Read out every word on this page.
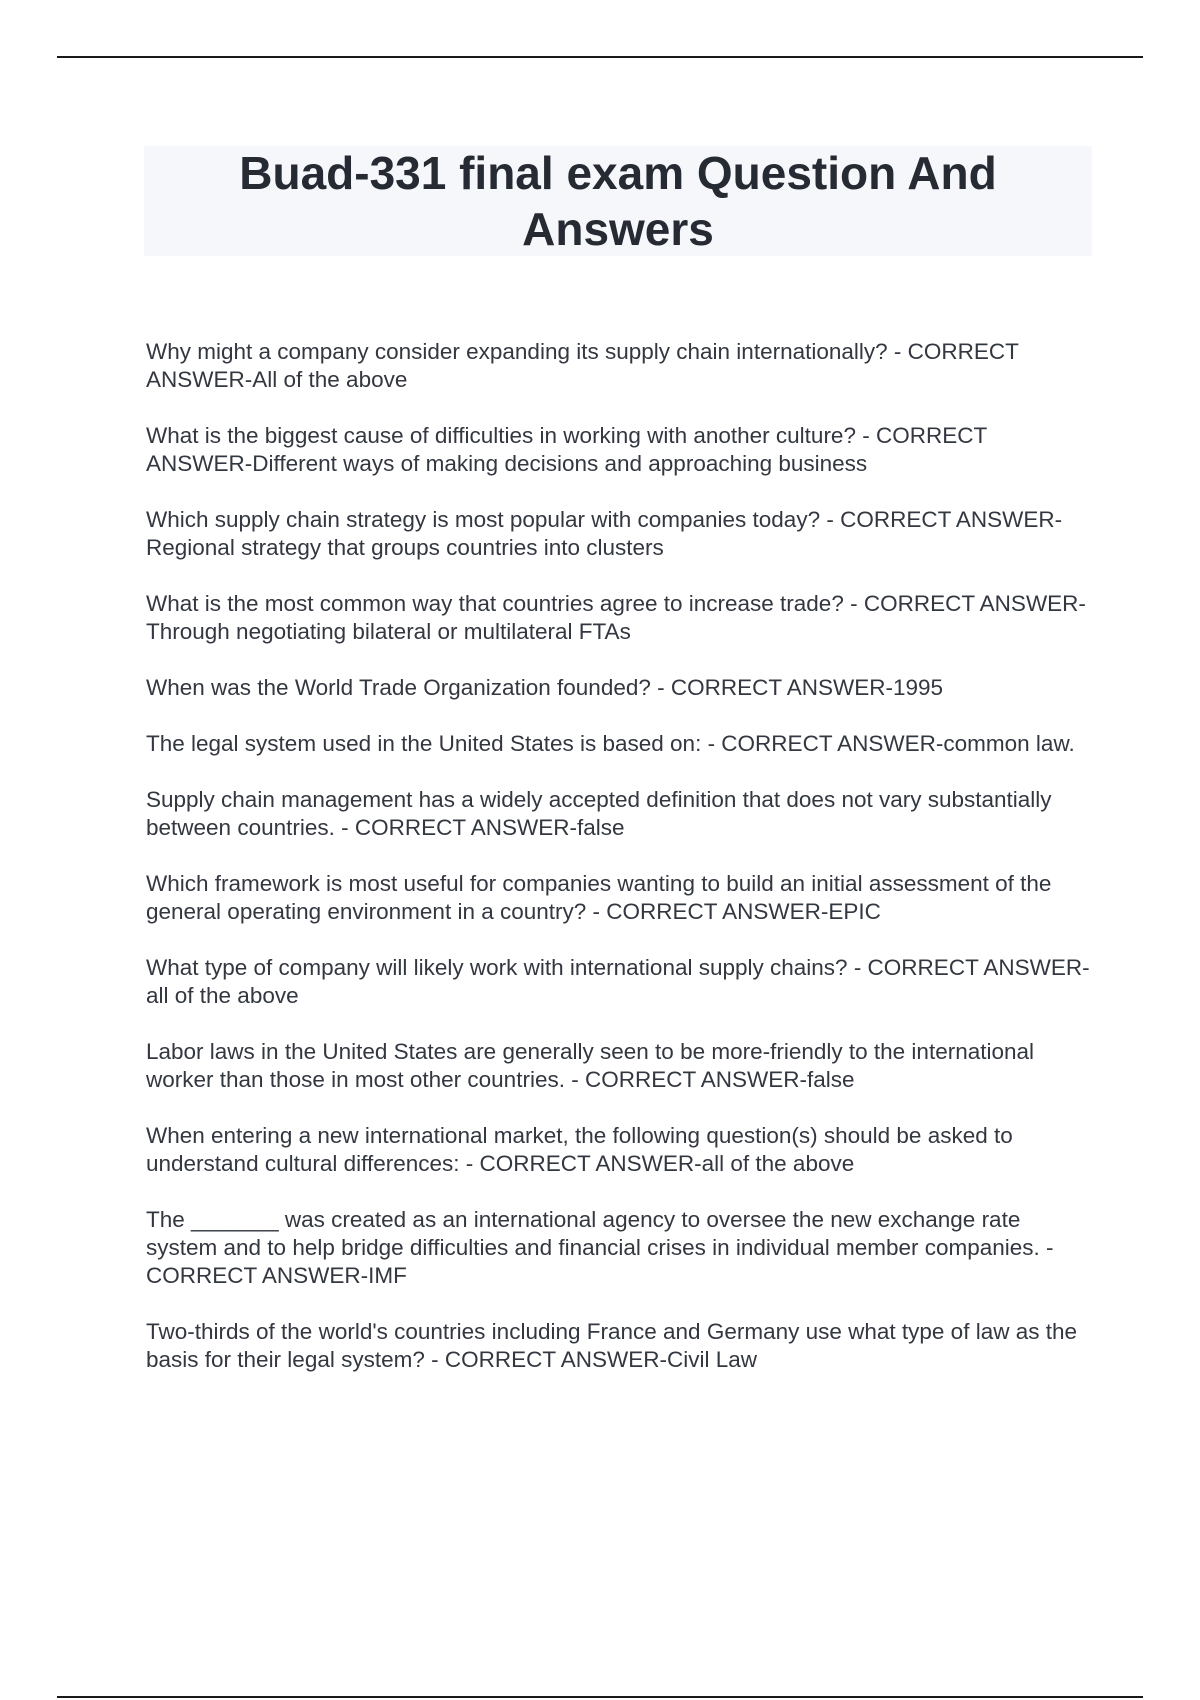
Buad-331 final exam Question And Answers
Why might a company consider expanding its supply chain internationally? - CORRECT ANSWER-All of the above
What is the biggest cause of difficulties in working with another culture? - CORRECT ANSWER-Different ways of making decisions and approaching business
Which supply chain strategy is most popular with companies today? - CORRECT ANSWER-Regional strategy that groups countries into clusters
What is the most common way that countries agree to increase trade? - CORRECT ANSWER-Through negotiating bilateral or multilateral FTAs
When was the World Trade Organization founded? - CORRECT ANSWER-1995
The legal system used in the United States is based on: - CORRECT ANSWER-common law.
Supply chain management has a widely accepted definition that does not vary substantially between countries. - CORRECT ANSWER-false
Which framework is most useful for companies wanting to build an initial assessment of the general operating environment in a country? - CORRECT ANSWER-EPIC
What type of company will likely work with international supply chains? - CORRECT ANSWER-all of the above
Labor laws in the United States are generally seen to be more-friendly to the international worker than those in most other countries. - CORRECT ANSWER-false
When entering a new international market, the following question(s) should be asked to understand cultural differences: - CORRECT ANSWER-all of the above
The _______ was created as an international agency to oversee the new exchange rate system and to help bridge difficulties and financial crises in individual member companies. - CORRECT ANSWER-IMF
Two-thirds of the world's countries including France and Germany use what type of law as the basis for their legal system? - CORRECT ANSWER-Civil Law
